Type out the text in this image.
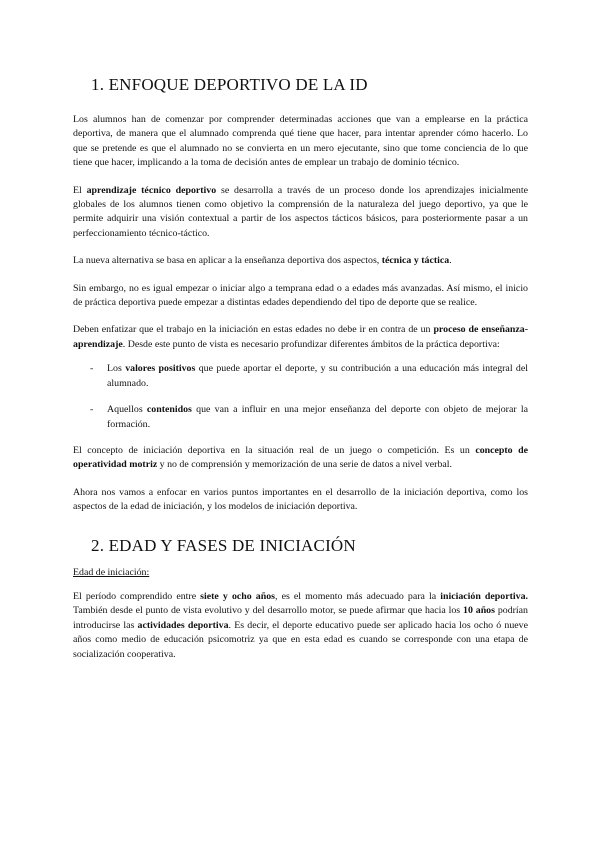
1. ENFOQUE DEPORTIVO DE LA ID

Los alumnos han de comenzar por comprender determinadas acciones que van a emplearse en la práctica deportiva, de manera que el alumnado comprenda qué tiene que hacer, para intentar aprender cómo hacerlo. Lo que se pretende es que el alumnado no se convierta en un mero ejecutante, sino que tome conciencia de lo que tiene que hacer, implicando a la toma de decisión antes de emplear un trabajo de dominio técnico.

El aprendizaje técnico deportivo se desarrolla a través de un proceso donde los aprendizajes inicialmente globales de los alumnos tienen como objetivo la comprensión de la naturaleza del juego deportivo, ya que le permite adquirir una visión contextual a partir de los aspectos tácticos básicos, para posteriormente pasar a un perfeccionamiento técnico-táctico.

La nueva alternativa se basa en aplicar a la enseñanza deportiva dos aspectos, técnica y táctica.

Sin embargo, no es igual empezar o iniciar algo a temprana edad o a edades más avanzadas. Así mismo, el inicio de práctica deportiva puede empezar a distintas edades dependiendo del tipo de deporte que se realice.

Deben enfatizar que el trabajo en la iniciación en estas edades no debe ir en contra de un proceso de enseñanza-aprendizaje. Desde este punto de vista es necesario profundizar diferentes ámbitos de la práctica deportiva:

- Los valores positivos que puede aportar el deporte, y su contribución a una educación más integral del alumnado.
- Aquellos contenidos que van a influir en una mejor enseñanza del deporte con objeto de mejorar la formación.

El concepto de iniciación deportiva en la situación real de un juego o competición. Es un concepto de operatividad motriz y no de comprensión y memorización de una serie de datos a nivel verbal.

Ahora nos vamos a enfocar en varios puntos importantes en el desarrollo de la iniciación deportiva, como los aspectos de la edad de iniciación, y los modelos de iniciación deportiva.

2. EDAD Y FASES DE INICIACIÓN
Edad de iniciación:

El período comprendido entre siete y ocho años, es el momento más adecuado para la iniciación deportiva. También desde el punto de vista evolutivo y del desarrollo motor, se puede afirmar que hacia los 10 años podrían introducirse las actividades deportiva. Es decir, el deporte educativo puede ser aplicado hacia los ocho ó nueve años como medio de educación psicomotriz ya que en esta edad es cuando se corresponde con una etapa de socialización cooperativa.
